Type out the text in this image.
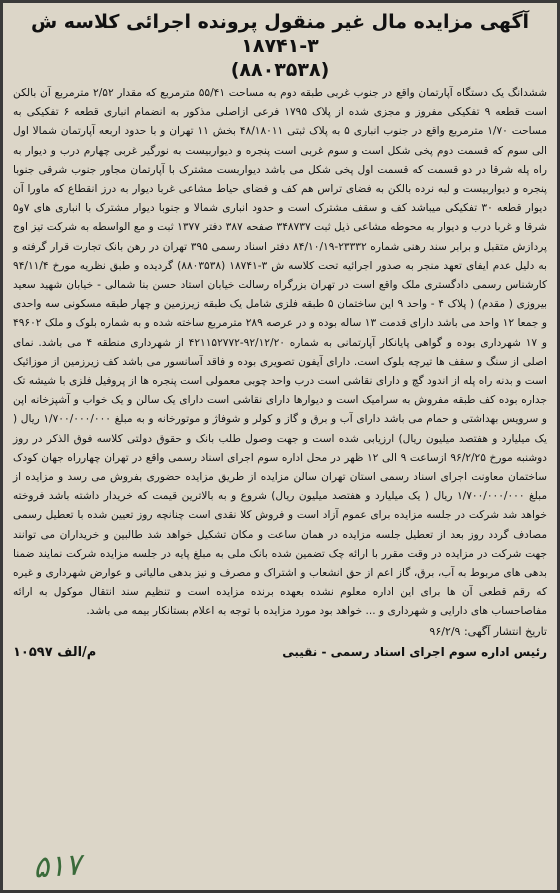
آگهی مزایده مال غیر منقول پرونده اجرائی کلاسه ش ۳-۱۸۷۴۱
(۸۸۰۳۵۳۸)

ششدانگ یک دستگاه آپارتمان واقع در جنوب غربی طبقه دوم به مساحت ۵۵/۴۱ مترمربع که مقدار ۲/۵۲ مترمربع آن بالکن است قطعه ۹ تفکیکی مفروز و مجزی شده از پلاک ۱۷۹۵ فرعی ازاصلی مذکور به انضمام انباری قطعه ۶ تفکیکی به مساحت ۱/۷۰ مترمربع واقع در جنوب انباری ۵ به پلاک ثبتی ۴۸/۱۸۰۱۱ بخش ۱۱ تهران و با حدود اربعه آپارتمان شمالا اول الی سوم که قسمت دوم پخی شکل است و سوم غربی است پنجره و دیواربیست به نورگیر غربی چهارم درب و دیوار به راه پله شرقا در دو قسمت که قسمت اول پخی شکل می باشد دیواربست مشترک با آپارتمان مجاور جنوب شرقی جنوبا پنجره و دیواربیست و لبه نرده بالکن به فضای تراس هم کف و فضای حیاط مشاعی غربا دیوار به درز انقطاع که ماورا آن دیوار قطعه ۳۰ تفکیکی میباشد کف و سقف مشترک است و حدود انباری شمالا و جنوبا دیوار مشترک با انباری های ۷و۵ شرقا و غربا درب و دیوار به محوطه مشاعی ذیل ثبت ۳۴۸۷۳۷ صفحه ۳۸۷ دفتر ۱۳۷۷ ثبت و مع الواسطه به شرکت تیز اوج پردازش متقبل و برابر سند رهنی شماره ۲۳۳۳۲-۸۴/۱۰/۱۹ دفتر اسناد رسمی ۳۹۵ تهران در رهن بانک تجارت قرار گرفته و به دلیل عدم ایفای تعهد منجر به صدور اجرائیه تحت کلاسه ش ۳-۱۸۷۴۱ (۸۸۰۳۵۳۸) گردیده و طبق نظریه مورخ ۹۴/۱۱/۴ کارشناس رسمی دادگستری ملک واقع است در تهران بزرگراه رسالت خیابان استاد حسن بنا شمالی - خیابان شهید سعید بیروزی ( مقدم) ( پلاک ۴ - واحد ۹ این ساختمان ۵ طبقه فلزی شامل یک طبقه زیرزمین و چهار طبقه مسکونی سه واحدی و جمعا ۱۲ واحد می باشد دارای قدمت ۱۳ ساله بوده و در عرصه ۲۸۹ مترمربع ساخته شده و به شماره بلوک و ملک ۴۹۶۰۲ و ۱۷ شهرداری بوده و گواهی پایانکار آپارتمانی به شماره ۹۲/۱۲/۲۰-۴۲۱۱۵۲۷۷۲ از شهرداری منطقه ۴ می باشد. نمای اصلی از سنگ و سقف ها تیرچه بلوک است. دارای آیفون تصویری بوده و فاقد آسانسور می باشد کف زیرزمین از موزائیک است و بدنه راه پله از اندود گچ و دارای نقاشی است درب واحد چوبی معمولی است پنجره ها از پروفیل فلزی با شیشه تک جداره بوده کف طبقه مفروش به سرامیک است و دیوارها دارای نقاشی است دارای یک سالن و یک خواب و آشپزخانه اپن و سرویس بهداشتی و حمام می باشد دارای آب و برق و گاز و کولر و شوفاژ و موتورخانه و به مبلغ ۱/۷۰۰/۰۰۰/۰۰۰ ریال ( یک میلیارد و هفتصد میلیون ریال) ارزیابی شده است و جهت وصول طلب بانک و حقوق دولتی کلاسه فوق الذکر در روز دوشنبه مورخ ۹۶/۲/۲۵ ازساعت ۹ الی ۱۲ ظهر در محل اداره سوم اجرای اسناد رسمی واقع در تهران چهارراه جهان کودک ساختمان معاونت اجرای اسناد رسمی استان تهران سالن مزایده از طریق مزایده حضوری بفروش می رسد و مزایده از مبلغ ۱/۷۰۰/۰۰۰/۰۰۰ ریال ( یک میلیارد و هفتصد میلیون ریال) شروع و به بالاترین قیمت که خریدار داشته باشد فروخته خواهد شد شرکت در جلسه مزایده برای عموم آزاد است و فروش کلا نقدی است چنانچه روز تعیین شده با تعطیل رسمی مصادف گردد روز بعد از تعطیل جلسه مزایده در همان ساعت و مکان تشکیل خواهد شد طالبین و خریداران می توانند جهت شرکت در مزایده در وقت مقرر با ارائه چک تضمین شده بانک ملی به مبلغ پایه در جلسه مزایده شرکت نمایند ضمنا بدهی های مربوط به آب، برق، گاز اعم از حق انشعاب و اشتراک و مصرف و نیز بدهی مالیاتی و عوارض شهرداری و غیره که رقم قطعی آن ها برای این اداره معلوم نشده بعهده برنده مزایده است و تنظیم سند انتقال موکول به ارائه مفاصاحساب های دارایی و شهرداری و ... خواهد بود مورد مزایده با توجه به اعلام بستانکار بیمه می باشد.

تاریخ انتشار آگهی: ۹۶/۲/۹

رئیس اداره سوم اجرای اسناد رسمی - نقیبی
م/الف ۱۰۵۹۷
۵۱۷
